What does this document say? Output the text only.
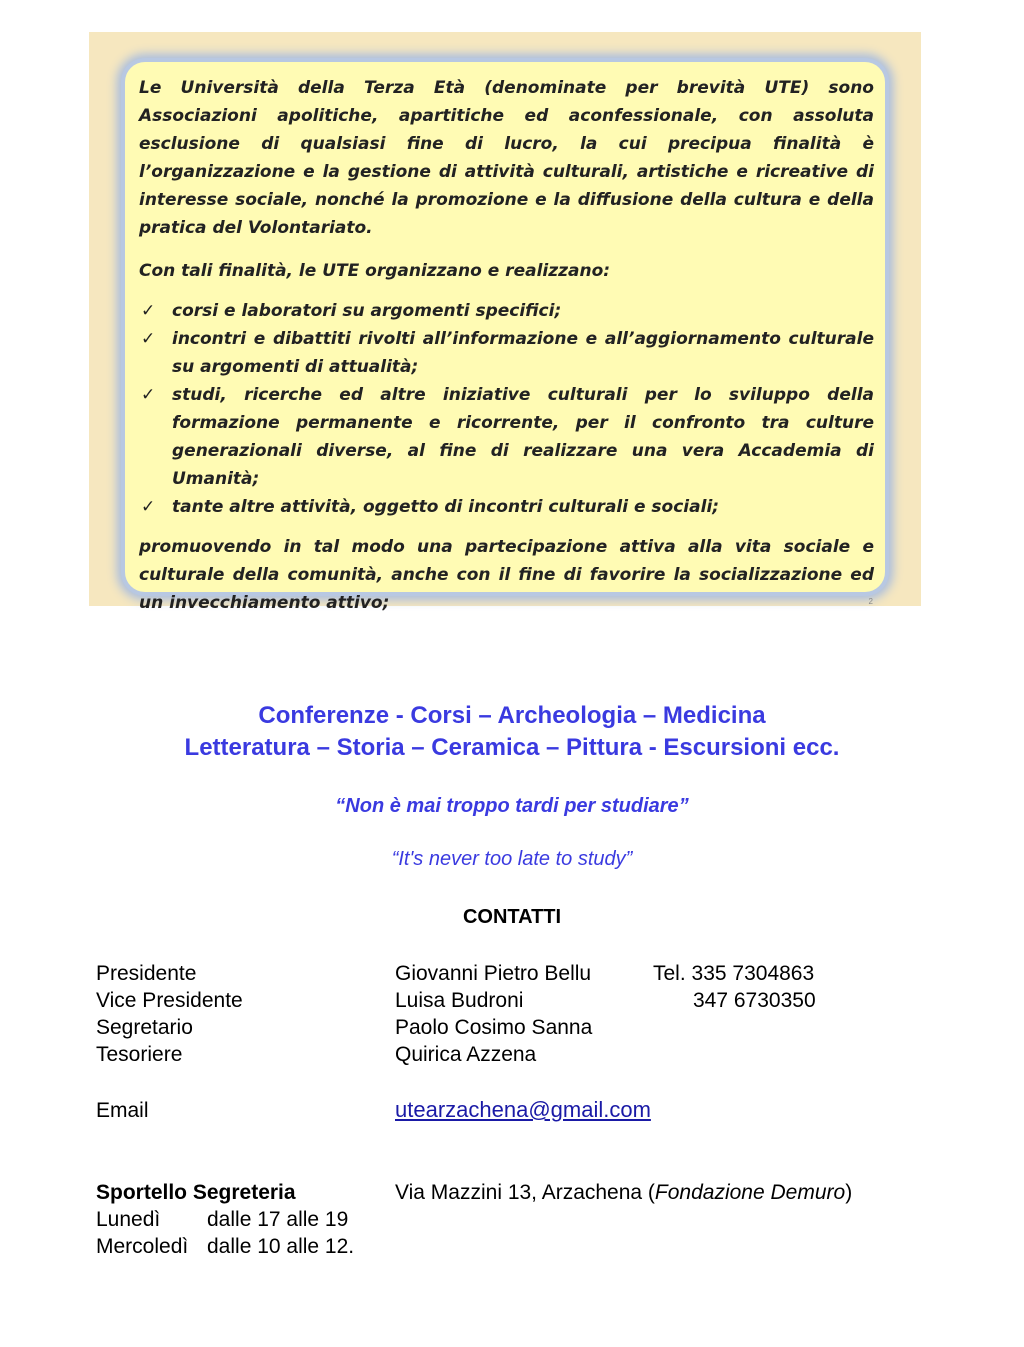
Le Università della Terza Età (denominate per brevità UTE) sono Associazioni apolitiche, apartitiche ed aconfessionale, con assoluta esclusione di qualsiasi fine di lucro, la cui precipua finalità è l’organizzazione e la gestione di attività culturali, artistiche e ricreative di interesse sociale, nonché la promozione e la diffusione della cultura e della pratica del Volontariato.

Con tali finalità, le UTE organizzano e realizzano:

✓ corsi e laboratori su argomenti specifici;
✓ incontri e dibattiti rivolti all’informazione e all’aggiornamento culturale su argomenti di attualità;
✓ studi, ricerche ed altre iniziative culturali per lo sviluppo della formazione permanente e ricorrente, per il confronto tra culture generazionali diverse, al fine di realizzare una vera Accademia di Umanità;
✓ tante altre attività, oggetto di incontri culturali e sociali;

promuovendo in tal modo una partecipazione attiva alla vita sociale e culturale della comunità, anche con il fine di favorire la socializzazione ed un invecchiamento attivo;	2
Conferenze - Corsi – Archeologia – Medicina
Letteratura – Storia – Ceramica – Pittura - Escursioni ecc.
“Non è mai troppo tardi per studiare”
“It's never too late to study”
CONTATTI
Presidente	Giovanni Pietro Bellu	Tel. 335 7304863
Vice Presidente	Luisa Budroni	347 6730350
Segretario	Paolo Cosimo Sanna
Tesoriere	Quirica Azzena
Email	utearzachena@gmail.com
Sportello Segreteria	Via Mazzini 13, Arzachena (Fondazione Demuro)
Lunedì dalle 17 alle 19
Mercoledì dalle 10 alle 12.
